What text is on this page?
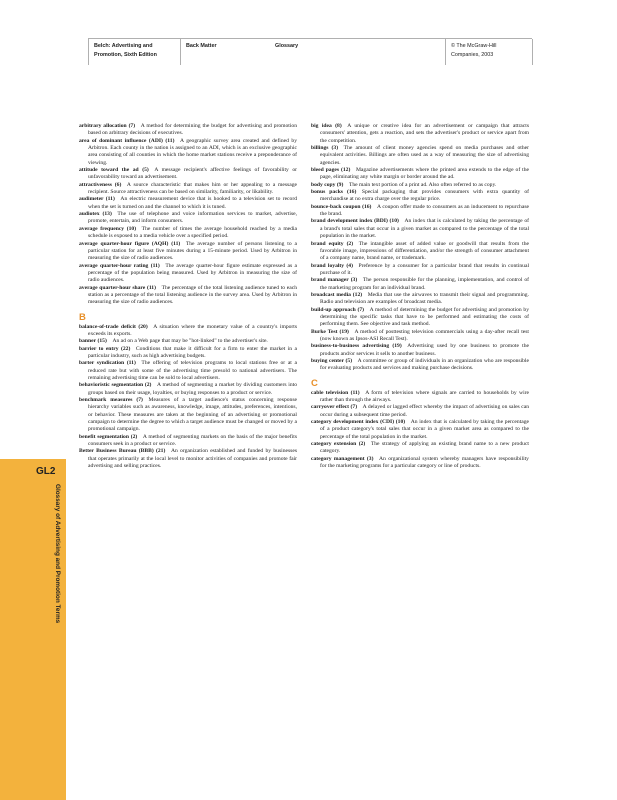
Belch: Advertising and
Promotion, Sixth Edition
Back Matter	Glossary	© The McGraw-Hill
Companies, 2003
GL2
Glossary of Advertising and Promotion Terms

arbitrary allocation (7)  A method for determining the budget for advertising and promotion based on arbitrary decisions of executives.

area of dominant influence (ADI) (11)  A geographic survey area created and defined by Arbitron. Each county in the nation is assigned to an ADI, which is an exclusive geographic area consisting of all counties in which the home market stations receive a preponderance of viewing.

attitude toward the ad (5)  A message recipient's affective feelings of favorability or unfavorability toward an advertisement.

attractiveness (6)  A source characteristic that makes him or her appealing to a message recipient. Source attractiveness can be based on similarity, familiarity, or likability.

audimeter (11)  An electric measurement device that is hooked to a television set to record when the set is turned on and the channel to which it is tuned.

audiotex (13)  The use of telephone and voice information services to market, advertise, promote, entertain, and inform consumers.

average frequency (10)  The number of times the average household reached by a media schedule is exposed to a media vehicle over a specified period.

average quarter-hour figure (AQH) (11)  The average number of persons listening to a particular station for at least five minutes during a 15-minute period. Used by Arbitron in measuring the size of radio audiences.

average quarter-hour rating (11)  The average quarter-hour figure estimate expressed as a percentage of the population being measured. Used by Arbitron in measuring the size of radio audiences.

average quarter-hour share (11)  The percentage of the total listening audience tuned to each station as a percentage of the total listening audience in the survey area. Used by Arbitron in measuring the size of radio audiences.

B

balance-of-trade deficit (20)  A situation where the monetary value of a country's imports exceeds its exports.

banner (15)  An ad on a Web page that may be "hot-linked" to the advertiser's site.

barrier to entry (22)  Conditions that make it difficult for a firm to enter the market in a particular industry, such as high advertising budgets.

barter syndication (11)  The offering of television programs to local stations free or at a reduced rate but with some of the advertising time presold to national advertisers. The remaining advertising time can be sold to local advertisers.

behavioristic segmentation (2)  A method of segmenting a market by dividing customers into groups based on their usage, loyalties, or buying responses to a product or service.

benchmark measures (7)  Measures of a target audience's status concerning response hierarchy variables such as awareness, knowledge, image, attitudes, preferences, intentions, or behavior. These measures are taken at the beginning of an advertising or promotional campaign to determine the degree to which a target audience must be changed or moved by a promotional campaign.

benefit segmentation (2)  A method of segmenting markets on the basis of the major benefits consumers seek in a product or service.

Better Business Bureau (BBB) (21)  An organization established and funded by businesses that operates primarily at the local level to monitor activities of companies and promote fair advertising and selling practices.

big idea (8)  A unique or creative idea for an advertisement or campaign that attracts consumers' attention, gets a reaction, and sets the advertiser's product or service apart from the competition.

billings (3)  The amount of client money agencies spend on media purchases and other equivalent activities. Billings are often used as a way of measuring the size of advertising agencies.

bleed pages (12)  Magazine advertisements where the printed area extends to the edge of the page, eliminating any white margin or border around the ad.

body copy (9)  The main text portion of a print ad. Also often referred to as copy.

bonus packs (16)  Special packaging that provides consumers with extra quantity of merchandise at no extra charge over the regular price.

bounce-back coupon (16)  A coupon offer made to consumers as an inducement to repurchase the brand.

brand development index (BDI) (10)  An index that is calculated by taking the percentage of a brand's total sales that occur in a given market as compared to the percentage of the total population in the market.

brand equity (2)  The intangible asset of added value or goodwill that results from the favorable image, impressions of differentiation, and/or the strength of consumer attachment of a company name, brand name, or trademark.

brand loyalty (4)  Preference by a consumer for a particular brand that results in continual purchase of it.

brand manager (3)  The person responsible for the planning, implementation, and control of the marketing program for an individual brand.

broadcast media (12)  Media that use the airwaves to transmit their signal and programming. Radio and television are examples of broadcast media.

build-up approach (7)  A method of determining the budget for advertising and promotion by determining the specific tasks that have to be performed and estimating the costs of performing them. See objective and task method.

Burke Test (19)  A method of posttesting television commercials using a day-after recall test (now known as Ipsos-ASI Recall Test).

business-to-business advertising (19)  Advertising used by one business to promote the products and/or services it sells to another business.

buying center (5)  A committee or group of individuals in an organization who are responsible for evaluating products and services and making purchase decisions.

C

cable television (11)  A form of television where signals are carried to households by wire rather than through the airways.

carryover effect (7)  A delayed or lagged effect whereby the impact of advertising on sales can occur during a subsequent time period.

category development index (CDI) (10)  An index that is calculated by taking the percentage of a product category's total sales that occur in a given market area as compared to the percentage of the total population in the market.

category extension (2)  The strategy of applying an existing brand name to a new product category.

category management (3)  An organizational system whereby managers have responsibility for the marketing programs for a particular category or line of products.
